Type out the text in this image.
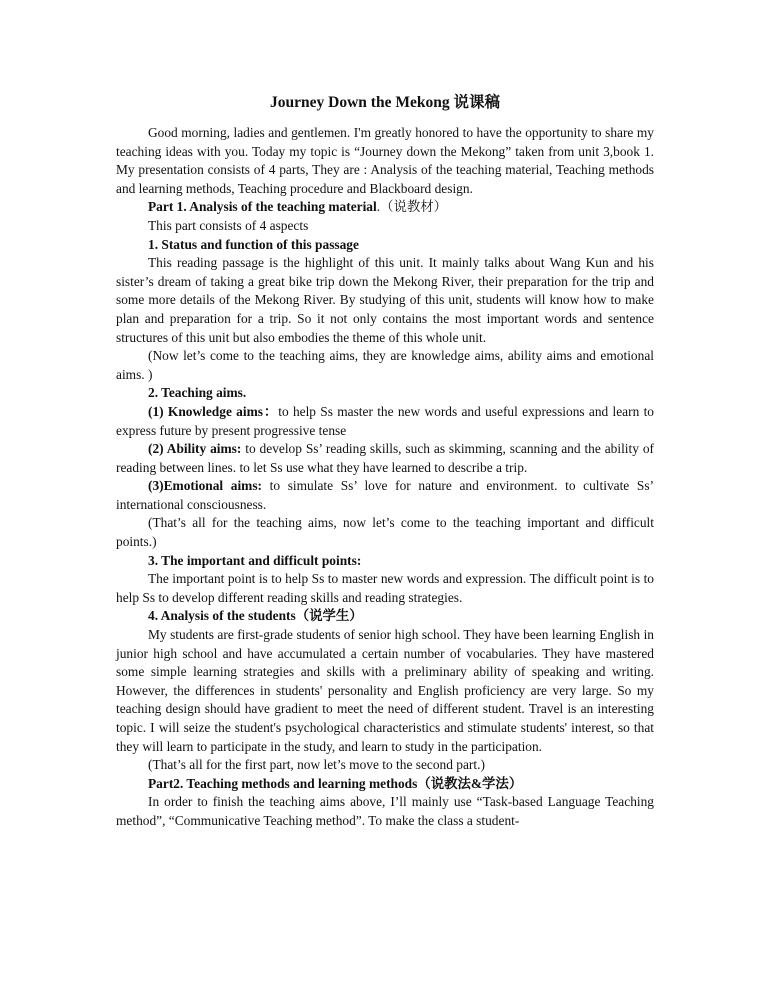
Journey Down the Mekong 说课稿

Good morning, ladies and gentlemen. I'm greatly honored to have the opportunity to share my teaching ideas with you. Today my topic is “Journey down the Mekong” taken from unit 3,book 1. My presentation consists of 4 parts, They are : Analysis of the teaching material, Teaching methods and learning methods, Teaching procedure and Blackboard design.

Part 1. Analysis of the teaching material.（说教材）

This part consists of 4 aspects

1. Status and function of this passage

This reading passage is the highlight of this unit. It mainly talks about Wang Kun and his sister’s dream of taking a great bike trip down the Mekong River, their preparation for the trip and some more details of the Mekong River. By studying of this unit, students will know how to make plan and preparation for a trip. So it not only contains the most important words and sentence structures of this unit but also embodies the theme of this whole unit.

(Now let’s come to the teaching aims, they are knowledge aims, ability aims and emotional aims. )

2. Teaching aims.

(1) Knowledge aims：to help Ss master the new words and useful expressions and learn to express future by present progressive tense

(2) Ability aims: to develop Ss’ reading skills, such as skimming, scanning and the ability of reading between lines. to let Ss use what they have learned to describe a trip.

(3)Emotional aims: to simulate Ss’ love for nature and environment. to cultivate Ss’ international consciousness.

(That’s all for the teaching aims, now let’s come to the teaching important and difficult points.)

3. The important and difficult points:

The important point is to help Ss to master new words and expression. The difficult point is to help Ss to develop different reading skills and reading strategies.

4. Analysis of the students（说学生）

My students are first-grade students of senior high school. They have been learning English in junior high school and have accumulated a certain number of vocabularies. They have mastered some simple learning strategies and skills with a preliminary ability of speaking and writing. However, the differences in students' personality and English proficiency are very large. So my teaching design should have gradient to meet the need of different student. Travel is an interesting topic. I will seize the student's psychological characteristics and stimulate students' interest, so that they will learn to participate in the study, and learn to study in the participation.

(That’s all for the first part, now let’s move to the second part.)

Part2. Teaching methods and learning methods（说教法&学法）

In order to finish the teaching aims above, I’ll mainly use “Task-based Language Teaching method”, “Communicative Teaching method”. To make the class a student-
